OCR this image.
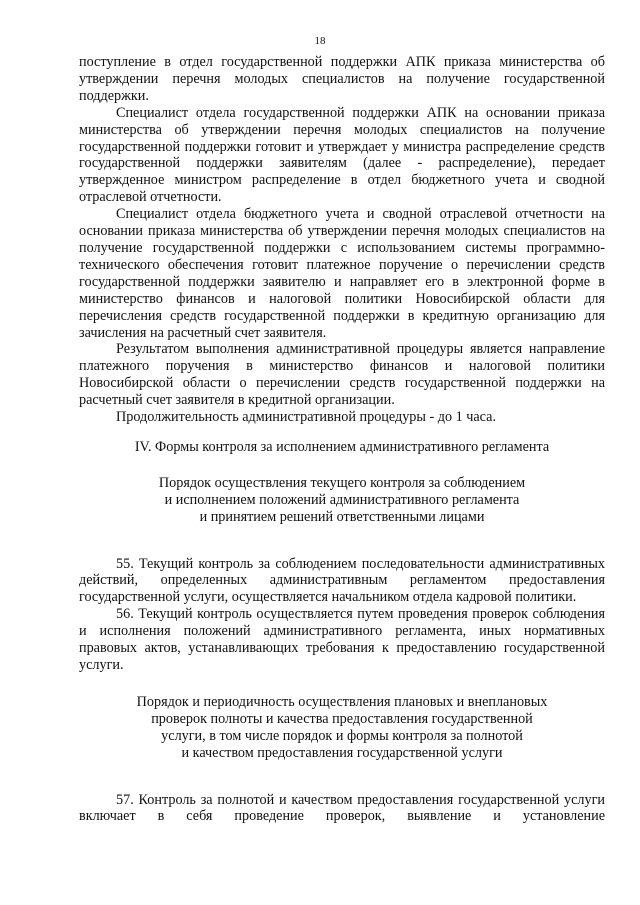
18

поступление в отдел государственной поддержки АПК приказа министерства об утверждении перечня молодых специалистов на получение государственной поддержки.

Специалист отдела государственной поддержки АПК на основании приказа министерства об утверждении перечня молодых специалистов на получение государственной поддержки готовит и утверждает у министра распределение средств государственной поддержки заявителям (далее - распределение), передает утвержденное министром распределение в отдел бюджетного учета и сводной отраслевой отчетности.

Специалист отдела бюджетного учета и сводной отраслевой отчетности на основании приказа министерства об утверждении перечня молодых специалистов на получение государственной поддержки с использованием системы программно-технического обеспечения готовит платежное поручение о перечислении средств государственной поддержки заявителю и направляет его в электронной форме в министерство финансов и налоговой политики Новосибирской области для перечисления средств государственной поддержки в кредитную организацию для зачисления на расчетный счет заявителя.

Результатом выполнения административной процедуры является направление платежного поручения в министерство финансов и налоговой политики Новосибирской области о перечислении средств государственной поддержки на расчетный счет заявителя в кредитной организации.

Продолжительность административной процедуры - до 1 часа.

IV. Формы контроля за исполнением административного регламента

Порядок осуществления текущего контроля за соблюдением

и исполнением положений административного регламента

и принятием решений ответственными лицами

55. Текущий контроль за соблюдением последовательности административных действий, определенных административным регламентом предоставления государственной услуги, осуществляется начальником отдела кадровой политики.

56. Текущий контроль осуществляется путем проведения проверок соблюдения и исполнения положений административного регламента, иных нормативных правовых актов, устанавливающих требования к предоставлению государственной услуги.

Порядок и периодичность осуществления плановых и внеплановых

проверок полноты и качества предоставления государственной

услуги, в том числе порядок и формы контроля за полнотой

и качеством предоставления государственной услуги

57. Контроль за полнотой и качеством предоставления государственной услуги включает в себя проведение проверок, выявление и установление
